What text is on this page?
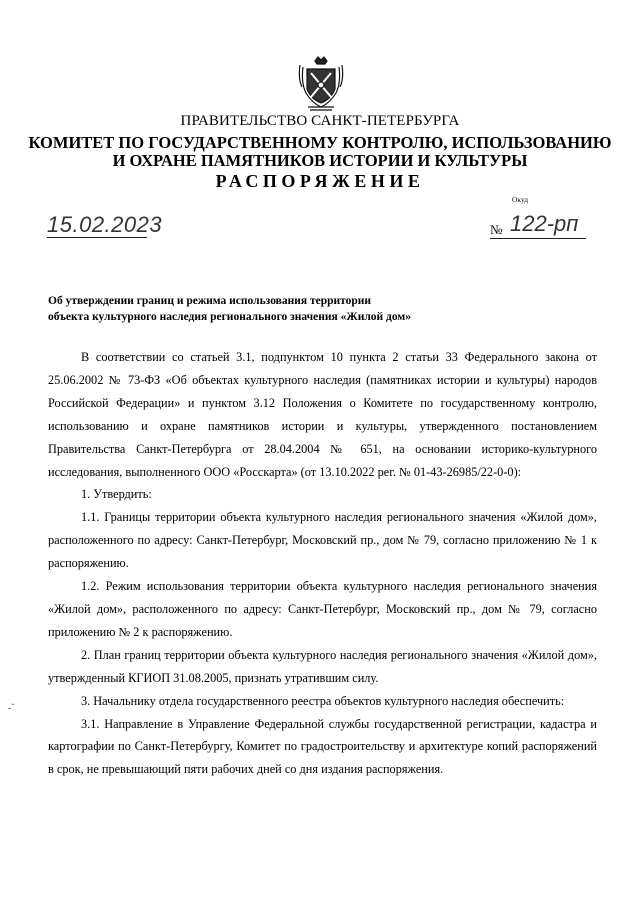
ПРАВИТЕЛЬСТВО САНКТ-ПЕТЕРБУРГА
КОМИТЕТ ПО ГОСУДАРСТВЕННОМУ КОНТРОЛЮ, ИСПОЛЬЗОВАНИЮ
И ОХРАНЕ ПАМЯТНИКОВ ИСТОРИИ И КУЛЬТУРЫ
РАСПОРЯЖЕНИЕ
Окуд
15.02.2023	№ 122-рп
Об утверждении границ и режима использования территории
объекта культурного наследия регионального значения «Жилой дом»
-ˇ

В соответствии со статьей 3.1, подпунктом 10 пункта 2 статьи 33 Федерального закона от 25.06.2002 № 73-ФЗ «Об объектах культурного наследия (памятниках истории и культуры) народов Российской Федерации» и пунктом 3.12 Положения о Комитете по государственному контролю, использованию и охране памятников истории и культуры, утвержденного постановлением Правительства Санкт-Петербурга от 28.04.2004 № 651, на основании историко-культурного исследования, выполненного ООО «Росскарта» (от 13.10.2022 рег. № 01-43-26985/22-0-0):

1. Утвердить:

1.1. Границы территории объекта культурного наследия регионального значения «Жилой дом», расположенного по адресу: Санкт-Петербург, Московский пр., дом № 79, согласно приложению № 1 к распоряжению.

1.2. Режим использования территории объекта культурного наследия регионального значения «Жилой дом», расположенного по адресу: Санкт-Петербург, Московский пр., дом № 79, согласно приложению № 2 к распоряжению.

2. План границ территории объекта культурного наследия регионального значения «Жилой дом», утвержденный КГИОП 31.08.2005, признать утратившим силу.

3. Начальнику отдела государственного реестра объектов культурного наследия обеспечить:

3.1. Направление в Управление Федеральной службы государственной регистрации, кадастра и картографии по Санкт-Петербургу, Комитет по градостроительству и архитектуре копий распоряжений в срок, не превышающий пяти рабочих дней со дня издания распоряжения.
